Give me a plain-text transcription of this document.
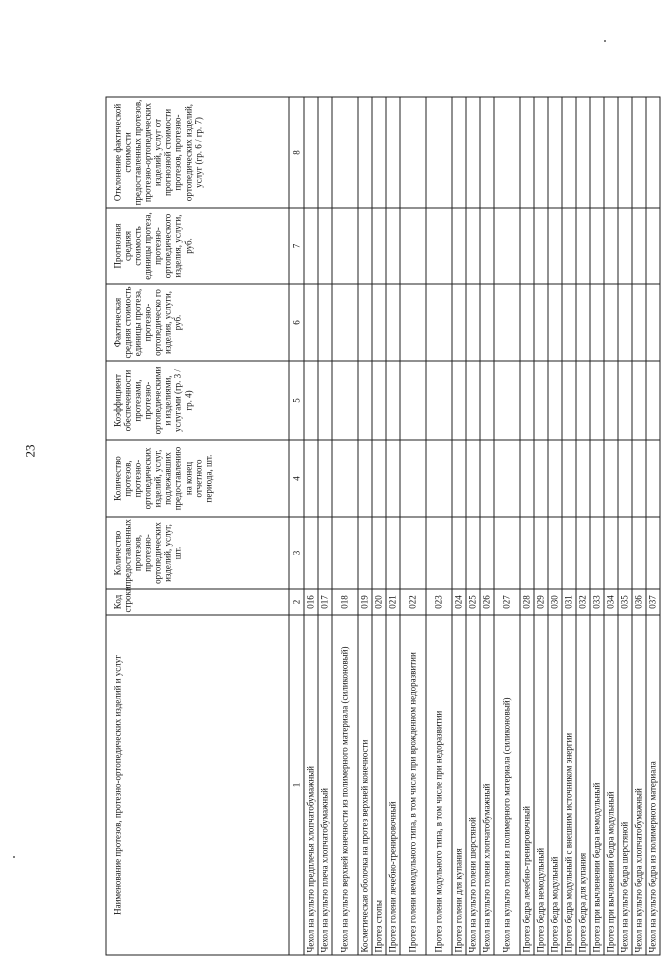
23
Наименование протезов, протезно-ортопедических изделий и услуг	Код строки	Количество предоставленных протезов, протезно-ортопедических изделий, услуг, шт.	Количество протезов, протезно-ортопедических изделий, услуг, подлежавших предоставлению на конец отчетного периода, шт.	Коэффициент обеспеченности протезами, протезно-ортопедическими и изделиями, услугами (гр. 3 / гр. 4)	Фактическая средняя стоимость единицы протеза, протезно-ортопедическо го изделия, услуги, руб.	Прогнозная средняя стоимость единицы протеза, протезно-ортопедического изделия, услуги, руб.	Отклонение фактической стоимости предоставленных протезов, протезно-ортопедических изделий, услуг от прогнозной стоимости протезов, протезно-ортопедических изделий, услуг (гр. 6 / гр. 7)
1	2	3	4	5	6	7	8
Чехол на культю предплечья хлопчатобумажный	016						
Чехол на культю плеча хлопчатобумажный	017						
Чехол на культю верхней конечности из полимерного материала (силиконовый)	018						
Косметическая оболочка на протез верхней конечности	019						
Протез стопы	020						
Протез голени лечебно-тренировочный	021						
Протез голени немодульного типа, в том числе при врожденном недоразвитии	022						
Протез голени модульного типа, в том числе при недоразвитии	023						
Протез голени для купания	024						
Чехол на культю голени шерстяной	025						
Чехол на культю голени хлопчатобумажный	026						
Чехол на культю голени из полимерного материала (силиконовый)	027						
Протез бедра лечебно-тренировочный	028						
Протез бедра немодульный	029						
Протез бедра модульный	030						
Протез бедра модульный с внешним источником энергии	031						
Протез бедра для купания	032						
Протез при вычленении бедра немодульный	033						
Протез при вычленении бедра модульный	034						
Чехол на культю бедра шерстяной	035						
Чехол на культю бедра хлопчатобумажный	036						
Чехол на культю бедра из полимерного материала	037						
